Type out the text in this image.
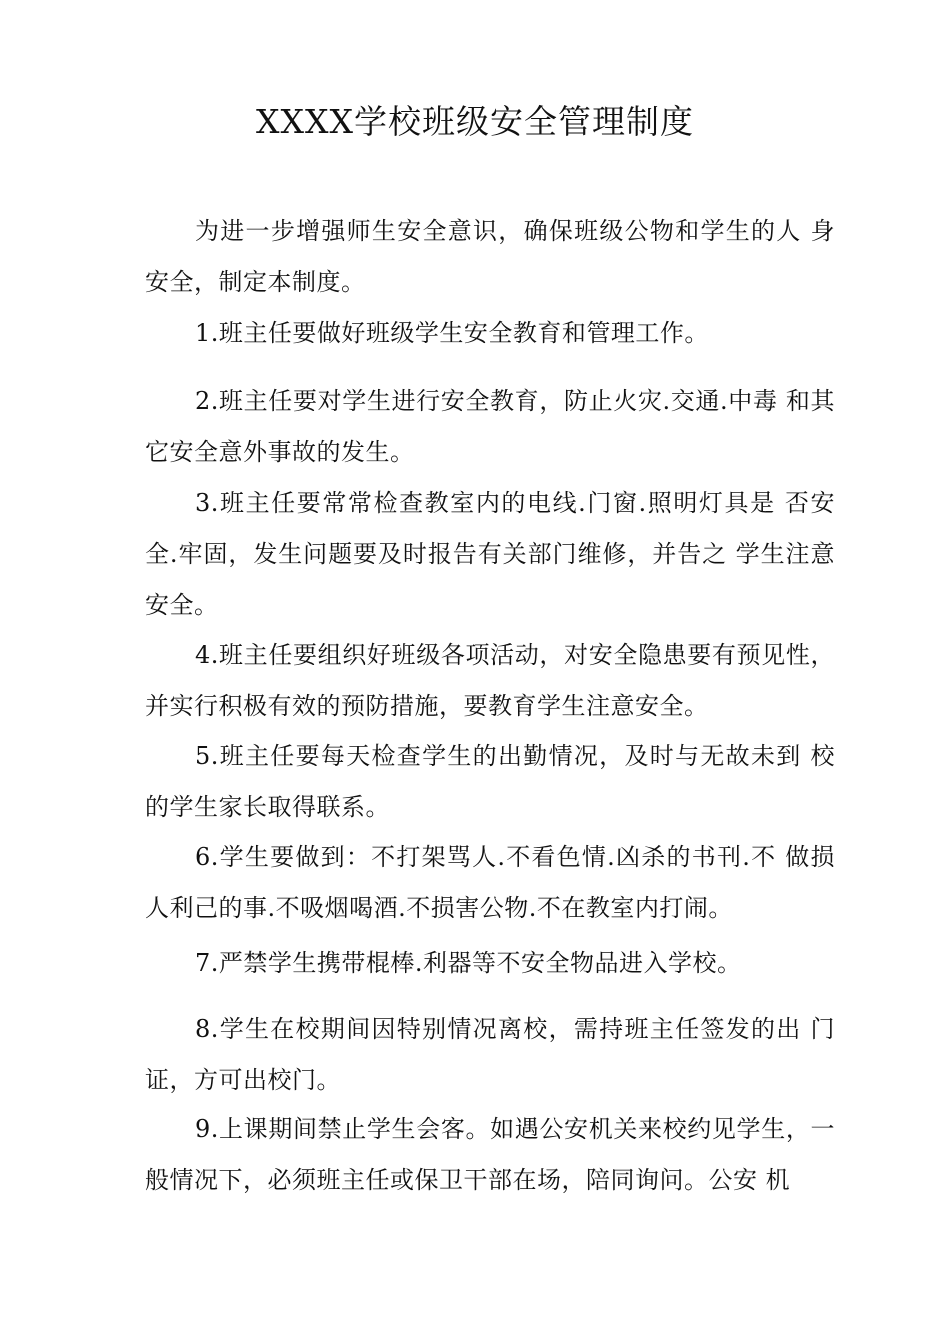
XXXX学校班级安全管理制度

为进一步增强师生安全意识，确保班级公物和学生的人 身安全，制定本制度。

1.班主任要做好班级学生安全教育和管理工作。

2.班主任要对学生进行安全教育，防止火灾.交通.中毒 和其它安全意外事故的发生。

3.班主任要常常检查教室内的电线.门窗.照明灯具是 否安全.牢固，发生问题要及时报告有关部门维修，并告之 学生注意安全。

4.班主任要组织好班级各项活动，对安全隐患要有预见性，并实行积极有效的预防措施，要教育学生注意安全。

5.班主任要每天检查学生的出勤情况，及时与无故未到 校的学生家长取得联系。

6.学生要做到：不打架骂人.不看色情.凶杀的书刊.不 做损人利己的事.不吸烟喝酒.不损害公物.不在教室内打闹。

7.严禁学生携带棍棒.利器等不安全物品进入学校。

8.学生在校期间因特别情况离校，需持班主任签发的出 门证，方可出校门。

9.上课期间禁止学生会客。如遇公安机关来校约见学生，一般情况下，必须班主任或保卫干部在场，陪同询问。公安 机
